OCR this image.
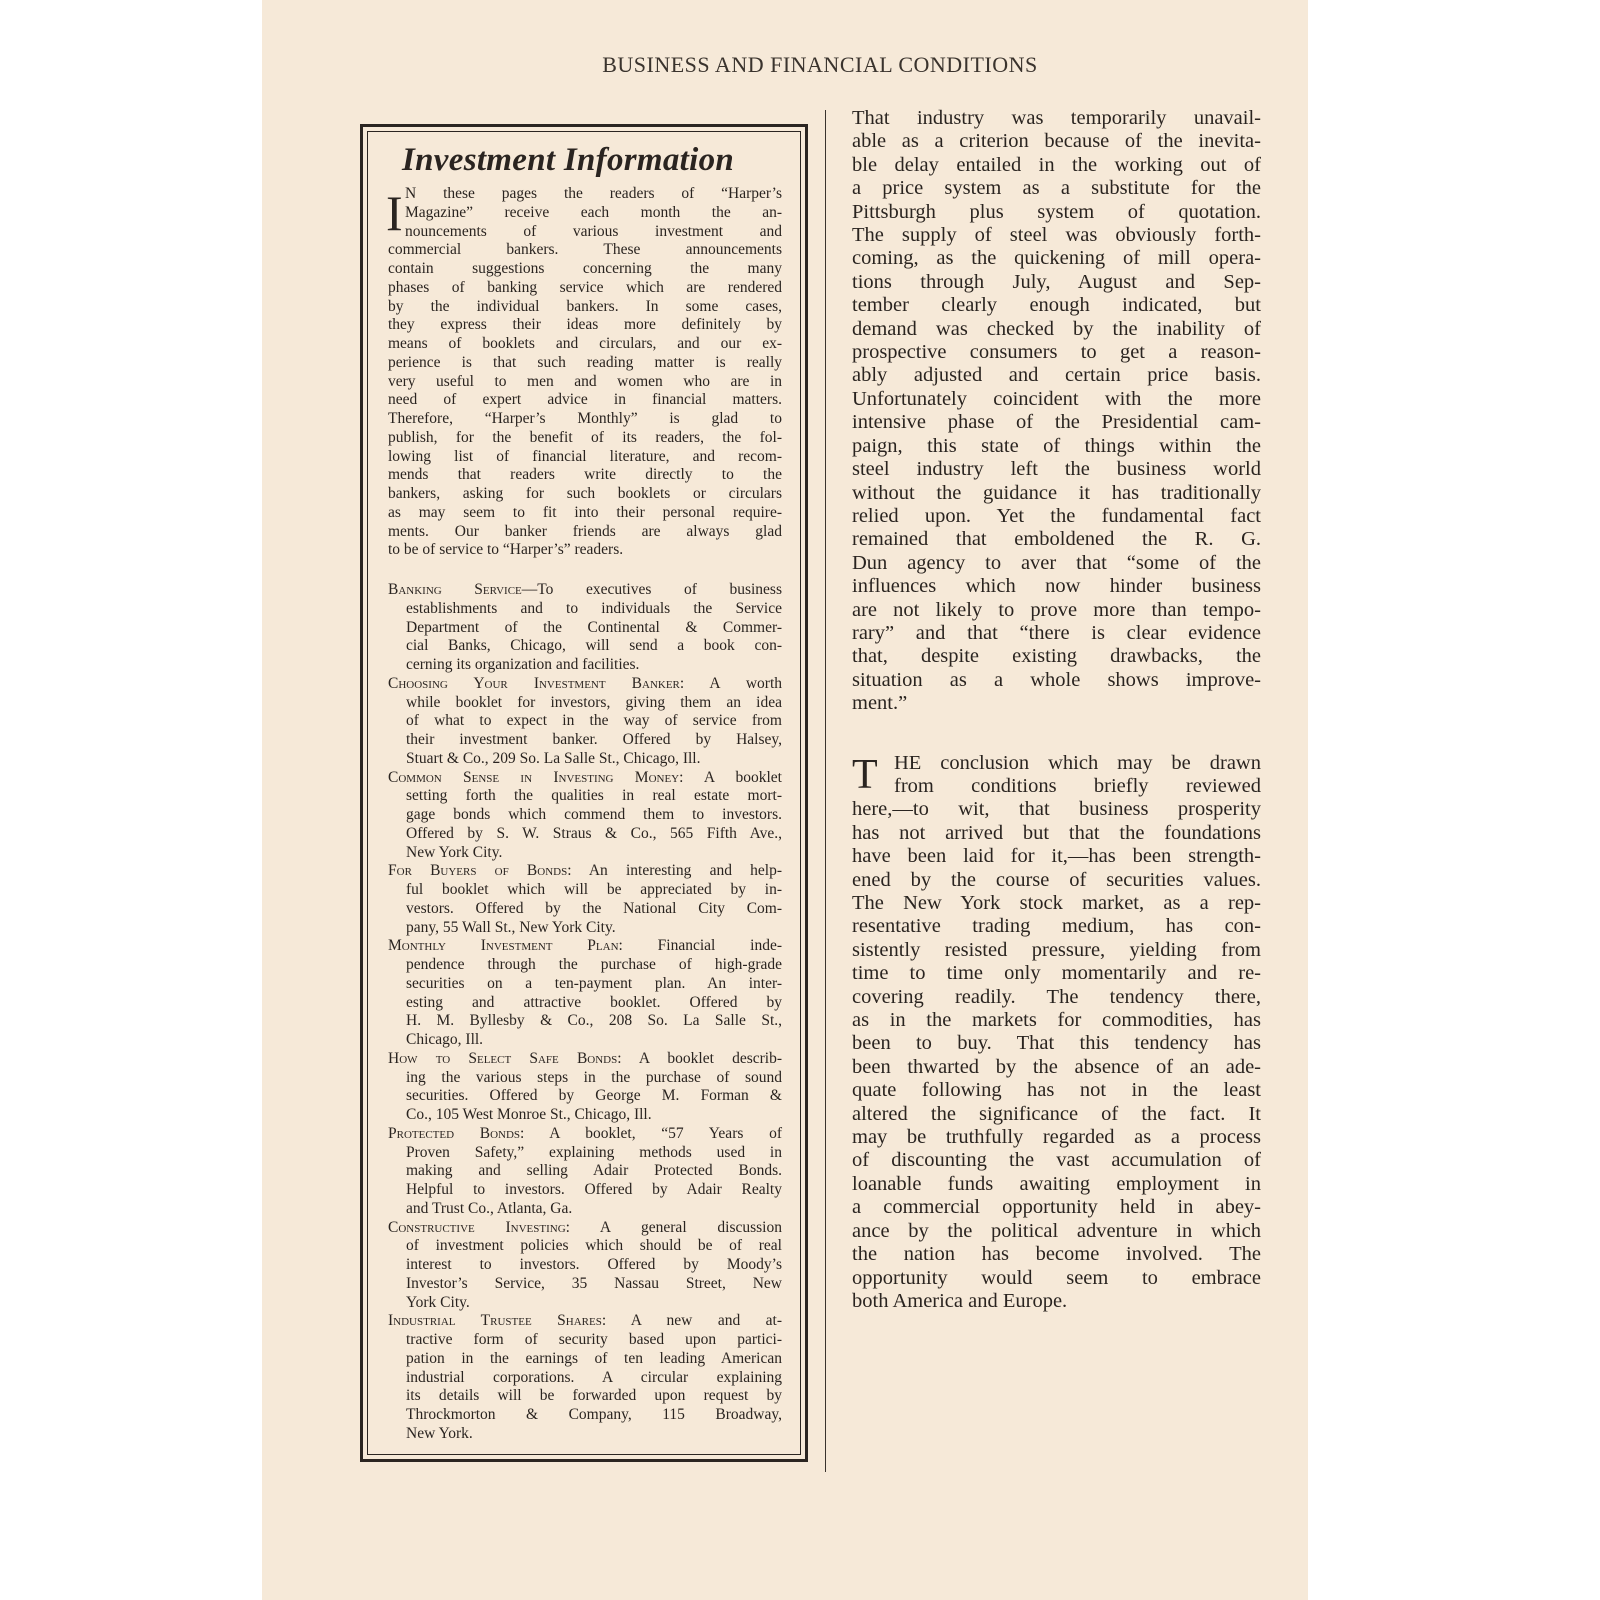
BUSINESS AND FINANCIAL CONDITIONS
Investment Information
I N these pages the readers of “Harper’s
Magazine” receive each month the an-
nouncements of various investment and
commercial bankers. These announcements
contain suggestions concerning the many
phases of banking service which are rendered
by the individual bankers. In some cases,
they express their ideas more definitely by
means of booklets and circulars, and our ex-
perience is that such reading matter is really
very useful to men and women who are in
need of expert advice in financial matters.
Therefore, “Harper’s Monthly” is glad to
publish, for the benefit of its readers, the fol-
lowing list of financial literature, and recom-
mends that readers write directly to the
bankers, asking for such booklets or circulars
as may seem to fit into their personal require-
ments. Our banker friends are always glad
to be of service to “Harper’s” readers.
Banking Service—To executives of business
establishments and to individuals the Service
Department of the Continental & Commer-
cial Banks, Chicago, will send a book con-
cerning its organization and facilities.
Choosing Your Investment Banker: A worth
while booklet for investors, giving them an idea
of what to expect in the way of service from
their investment banker. Offered by Halsey,
Stuart & Co., 209 So. La Salle St., Chicago, Ill.
Common Sense in Investing Money: A booklet
setting forth the qualities in real estate mort-
gage bonds which commend them to investors.
Offered by S. W. Straus & Co., 565 Fifth Ave.,
New York City.
For Buyers of Bonds: An interesting and help-
ful booklet which will be appreciated by in-
vestors. Offered by the National City Com-
pany, 55 Wall St., New York City.
Monthly Investment Plan: Financial inde-
pendence through the purchase of high-grade
securities on a ten-payment plan. An inter-
esting and attractive booklet. Offered by
H. M. Byllesby & Co., 208 So. La Salle St.,
Chicago, Ill.
How to Select Safe Bonds: A booklet describ-
ing the various steps in the purchase of sound
securities. Offered by George M. Forman &
Co., 105 West Monroe St., Chicago, Ill.
Protected Bonds: A booklet, “57 Years of
Proven Safety,” explaining methods used in
making and selling Adair Protected Bonds.
Helpful to investors. Offered by Adair Realty
and Trust Co., Atlanta, Ga.
Constructive Investing: A general discussion
of investment policies which should be of real
interest to investors. Offered by Moody’s
Investor’s Service, 35 Nassau Street, New
York City.
Industrial Trustee Shares: A new and at-
tractive form of security based upon partici-
pation in the earnings of ten leading American
industrial corporations. A circular explaining
its details will be forwarded upon request by
Throckmorton & Company, 115 Broadway,
New York.
That industry was temporarily unavail-
able as a criterion because of the inevita-
ble delay entailed in the working out of
a price system as a substitute for the
Pittsburgh plus system of quotation.
The supply of steel was obviously forth-
coming, as the quickening of mill opera-
tions through July, August and Sep-
tember clearly enough indicated, but
demand was checked by the inability of
prospective consumers to get a reason-
ably adjusted and certain price basis.
Unfortunately coincident with the more
intensive phase of the Presidential cam-
paign, this state of things within the
steel industry left the business world
without the guidance it has traditionally
relied upon. Yet the fundamental fact
remained that emboldened the R. G.
Dun agency to aver that “some of the
influences which now hinder business
are not likely to prove more than tempo-
rary” and that “there is clear evidence
that, despite existing drawbacks, the
situation as a whole shows improve-
ment.”
T HE conclusion which may be drawn
from conditions briefly reviewed
here,—to wit, that business prosperity
has not arrived but that the foundations
have been laid for it,—has been strength-
ened by the course of securities values.
The New York stock market, as a rep-
resentative trading medium, has con-
sistently resisted pressure, yielding from
time to time only momentarily and re-
covering readily. The tendency there,
as in the markets for commodities, has
been to buy. That this tendency has
been thwarted by the absence of an ade-
quate following has not in the least
altered the significance of the fact. It
may be truthfully regarded as a process
of discounting the vast accumulation of
loanable funds awaiting employment in
a commercial opportunity held in abey-
ance by the political adventure in which
the nation has become involved. The
opportunity would seem to embrace
both America and Europe.
